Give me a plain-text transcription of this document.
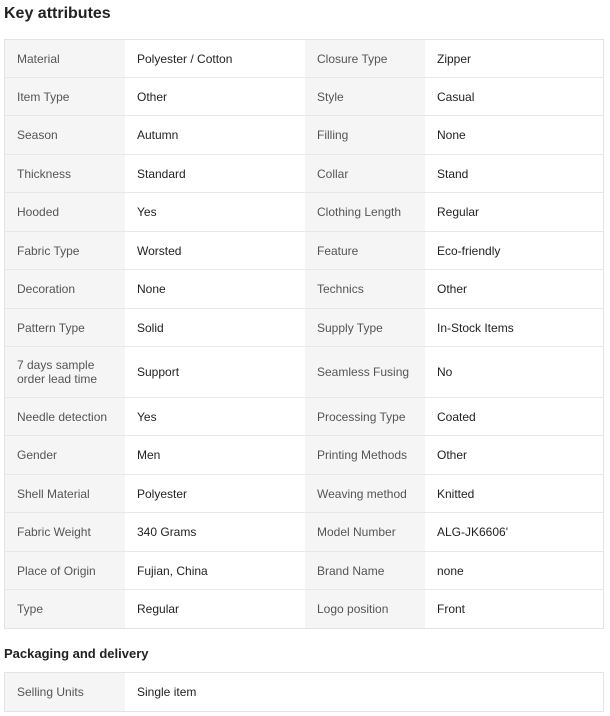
Key attributes
Material	Polyester / Cotton	Closure Type	Zipper
Item Type	Other	Style	Casual
Season	Autumn	Filling	None
Thickness	Standard	Collar	Stand
Hooded	Yes	Clothing Length	Regular
Fabric Type	Worsted	Feature	Eco-friendly
Decoration	None	Technics	Other
Pattern Type	Solid	Supply Type	In-Stock Items
7 days sample order lead time	Support	Seamless Fusing	No
Needle detection	Yes	Processing Type	Coated
Gender	Men	Printing Methods	Other
Shell Material	Polyester	Weaving method	Knitted
Fabric Weight	340 Grams	Model Number	ALG-JK6606'
Place of Origin	Fujian, China	Brand Name	none
Type	Regular	Logo position	Front
Packaging and delivery
Selling Units	Single item
